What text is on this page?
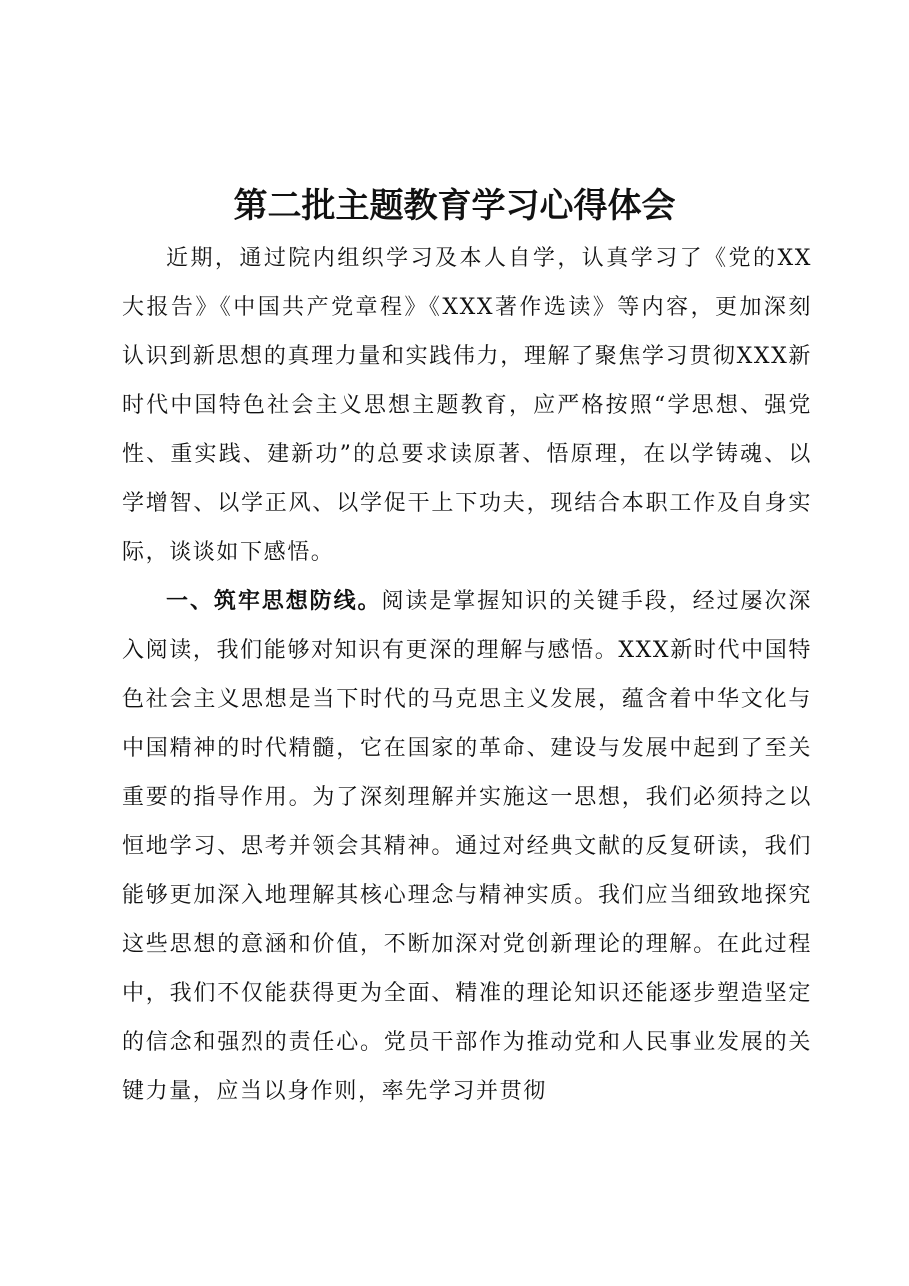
第二批主题教育学习心得体会

近期，通过院内组织学习及本人自学，认真学习了《党的XX大报告》《中国共产党章程》《XXX著作选读》等内容，更加深刻认识到新思想的真理力量和实践伟力，理解了聚焦学习贯彻XXX新时代中国特色社会主义思想主题教育，应严格按照“学思想、强党性、重实践、建新功”的总要求读原著、悟原理，在以学铸魂、以学增智、以学正风、以学促干上下功夫，现结合本职工作及自身实际，谈谈如下感悟。

一、筑牢思想防线。阅读是掌握知识的关键手段，经过屡次深入阅读，我们能够对知识有更深的理解与感悟。XXX新时代中国特色社会主义思想是当下时代的马克思主义发展，蕴含着中华文化与中国精神的时代精髓，它在国家的革命、建设与发展中起到了至关重要的指导作用。为了深刻理解并实施这一思想，我们必须持之以恒地学习、思考并领会其精神。通过对经典文献的反复研读，我们能够更加深入地理解其核心理念与精神实质。我们应当细致地探究这些思想的意涵和价值，不断加深对党创新理论的理解。在此过程中，我们不仅能获得更为全面、精准的理论知识还能逐步塑造坚定的信念和强烈的责任心。党员干部作为推动党和人民事业发展的关键力量，应当以身作则，率先学习并贯彻
